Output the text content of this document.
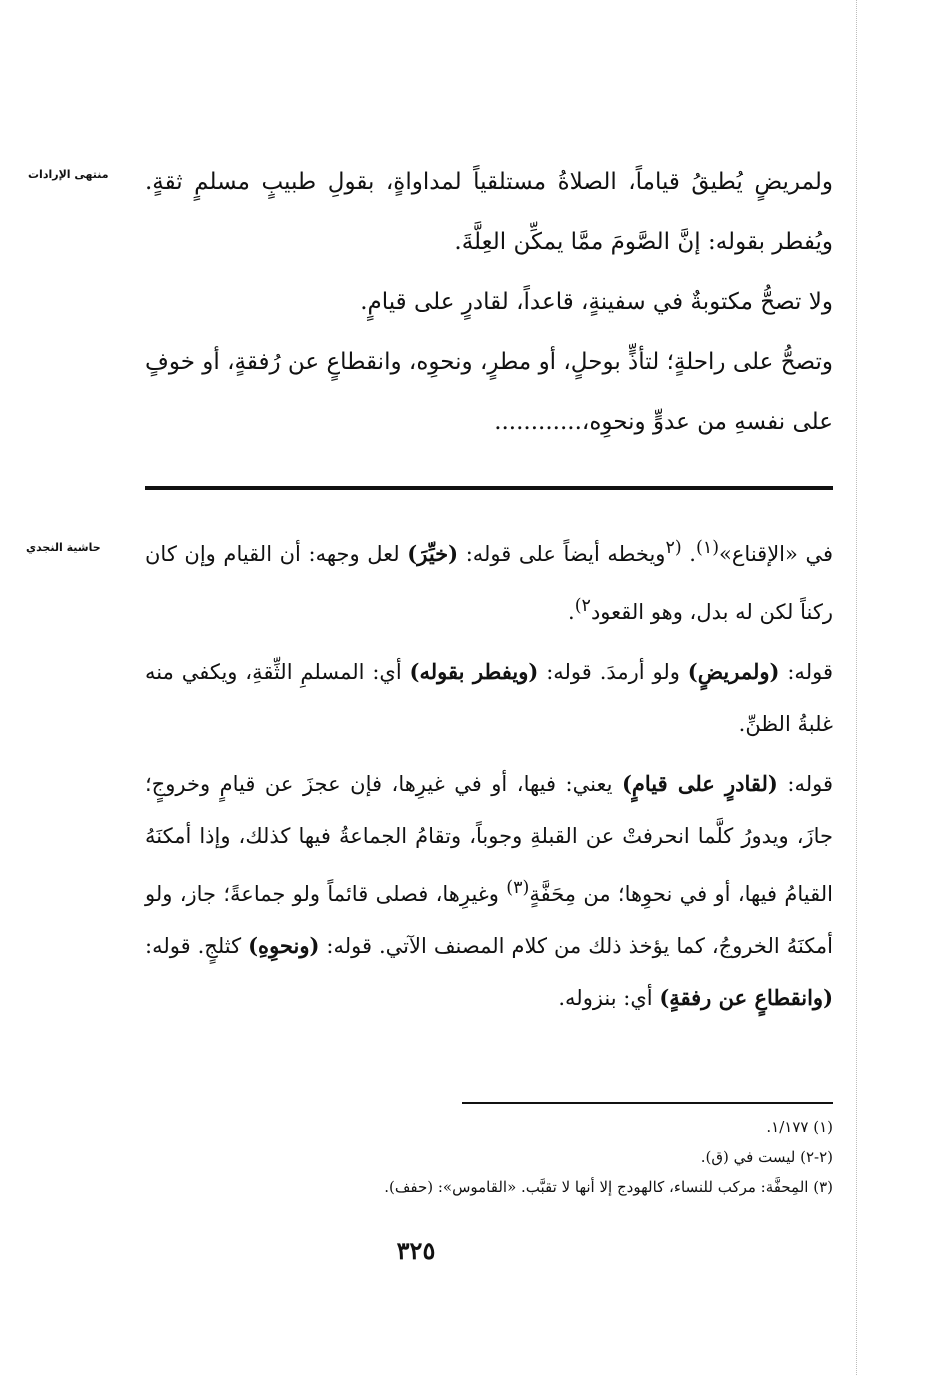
منتهى الإرادات
حاشية النجدي

ولمريضٍ يُطيقُ قياماً، الصلاةُ مستلقياً لمداواةٍ، بقولِ طبيبٍ مسلمٍ ثقةٍ. ويُفطر بقوله: إنَّ الصَّومَ ممَّا يمكِّن العِلَّةَ.

ولا تصحُّ مكتوبةٌ في سفينةٍ، قاعداً، لقادرٍ على قيامٍ.

وتصحُّ على راحلةٍ؛ لتأذٍّ بوحلٍ، أو مطرٍ، ونحوِه، وانقطاعٍ عن رُفقةٍ، أو خوفٍ على نفسهِ من عدوٍّ ونحوِه،............

في «الإقناع»$^{(١)}$. $^{(٢}$ويخطه أيضاً على قوله: (خيِّرَ) لعل وجهه: أن القيام وإن كان ركناً لكن له بدل، وهو القعود$^{٢)}$.

قوله: (ولمريضٍ) ولو أرمدَ. قوله: (ويفطر بقوله) أي: المسلمِ الثِّقةِ، ويكفي منه غلبةُ الظنِّ.

قوله: (لقادرٍ على قيامٍ) يعني: فيها، أو في غيرِها، فإن عجزَ عن قيامٍ وخروجٍ؛ جازَ، ويدورُ كلَّما انحرفتْ عن القبلةِ وجوباً، وتقامُ الجماعةُ فيها كذلك، وإذا أمكنَهُ القيامُ فيها، أو في نحوِها؛ من مِحَفَّةٍ$^{(٣)}$ وغيرِها، فصلى قائماً ولو جماعةً؛ جاز، ولو أمكنَهُ الخروجُ، كما يؤخذ ذلك من كلام المصنف الآتي. قوله: (ونحوِهِ) كثلجٍ. قوله: (وانقطاعٍ عن رفقةٍ) أي: بنزوله.

(١) ١/١٧٧.

(٢-٢) ليست في (ق).

(٣) المِحفَّة: مركب للنساء، كالهودج إلا أنها لا تقبَّب. «القاموس»: (حفف).

٣٢٥
